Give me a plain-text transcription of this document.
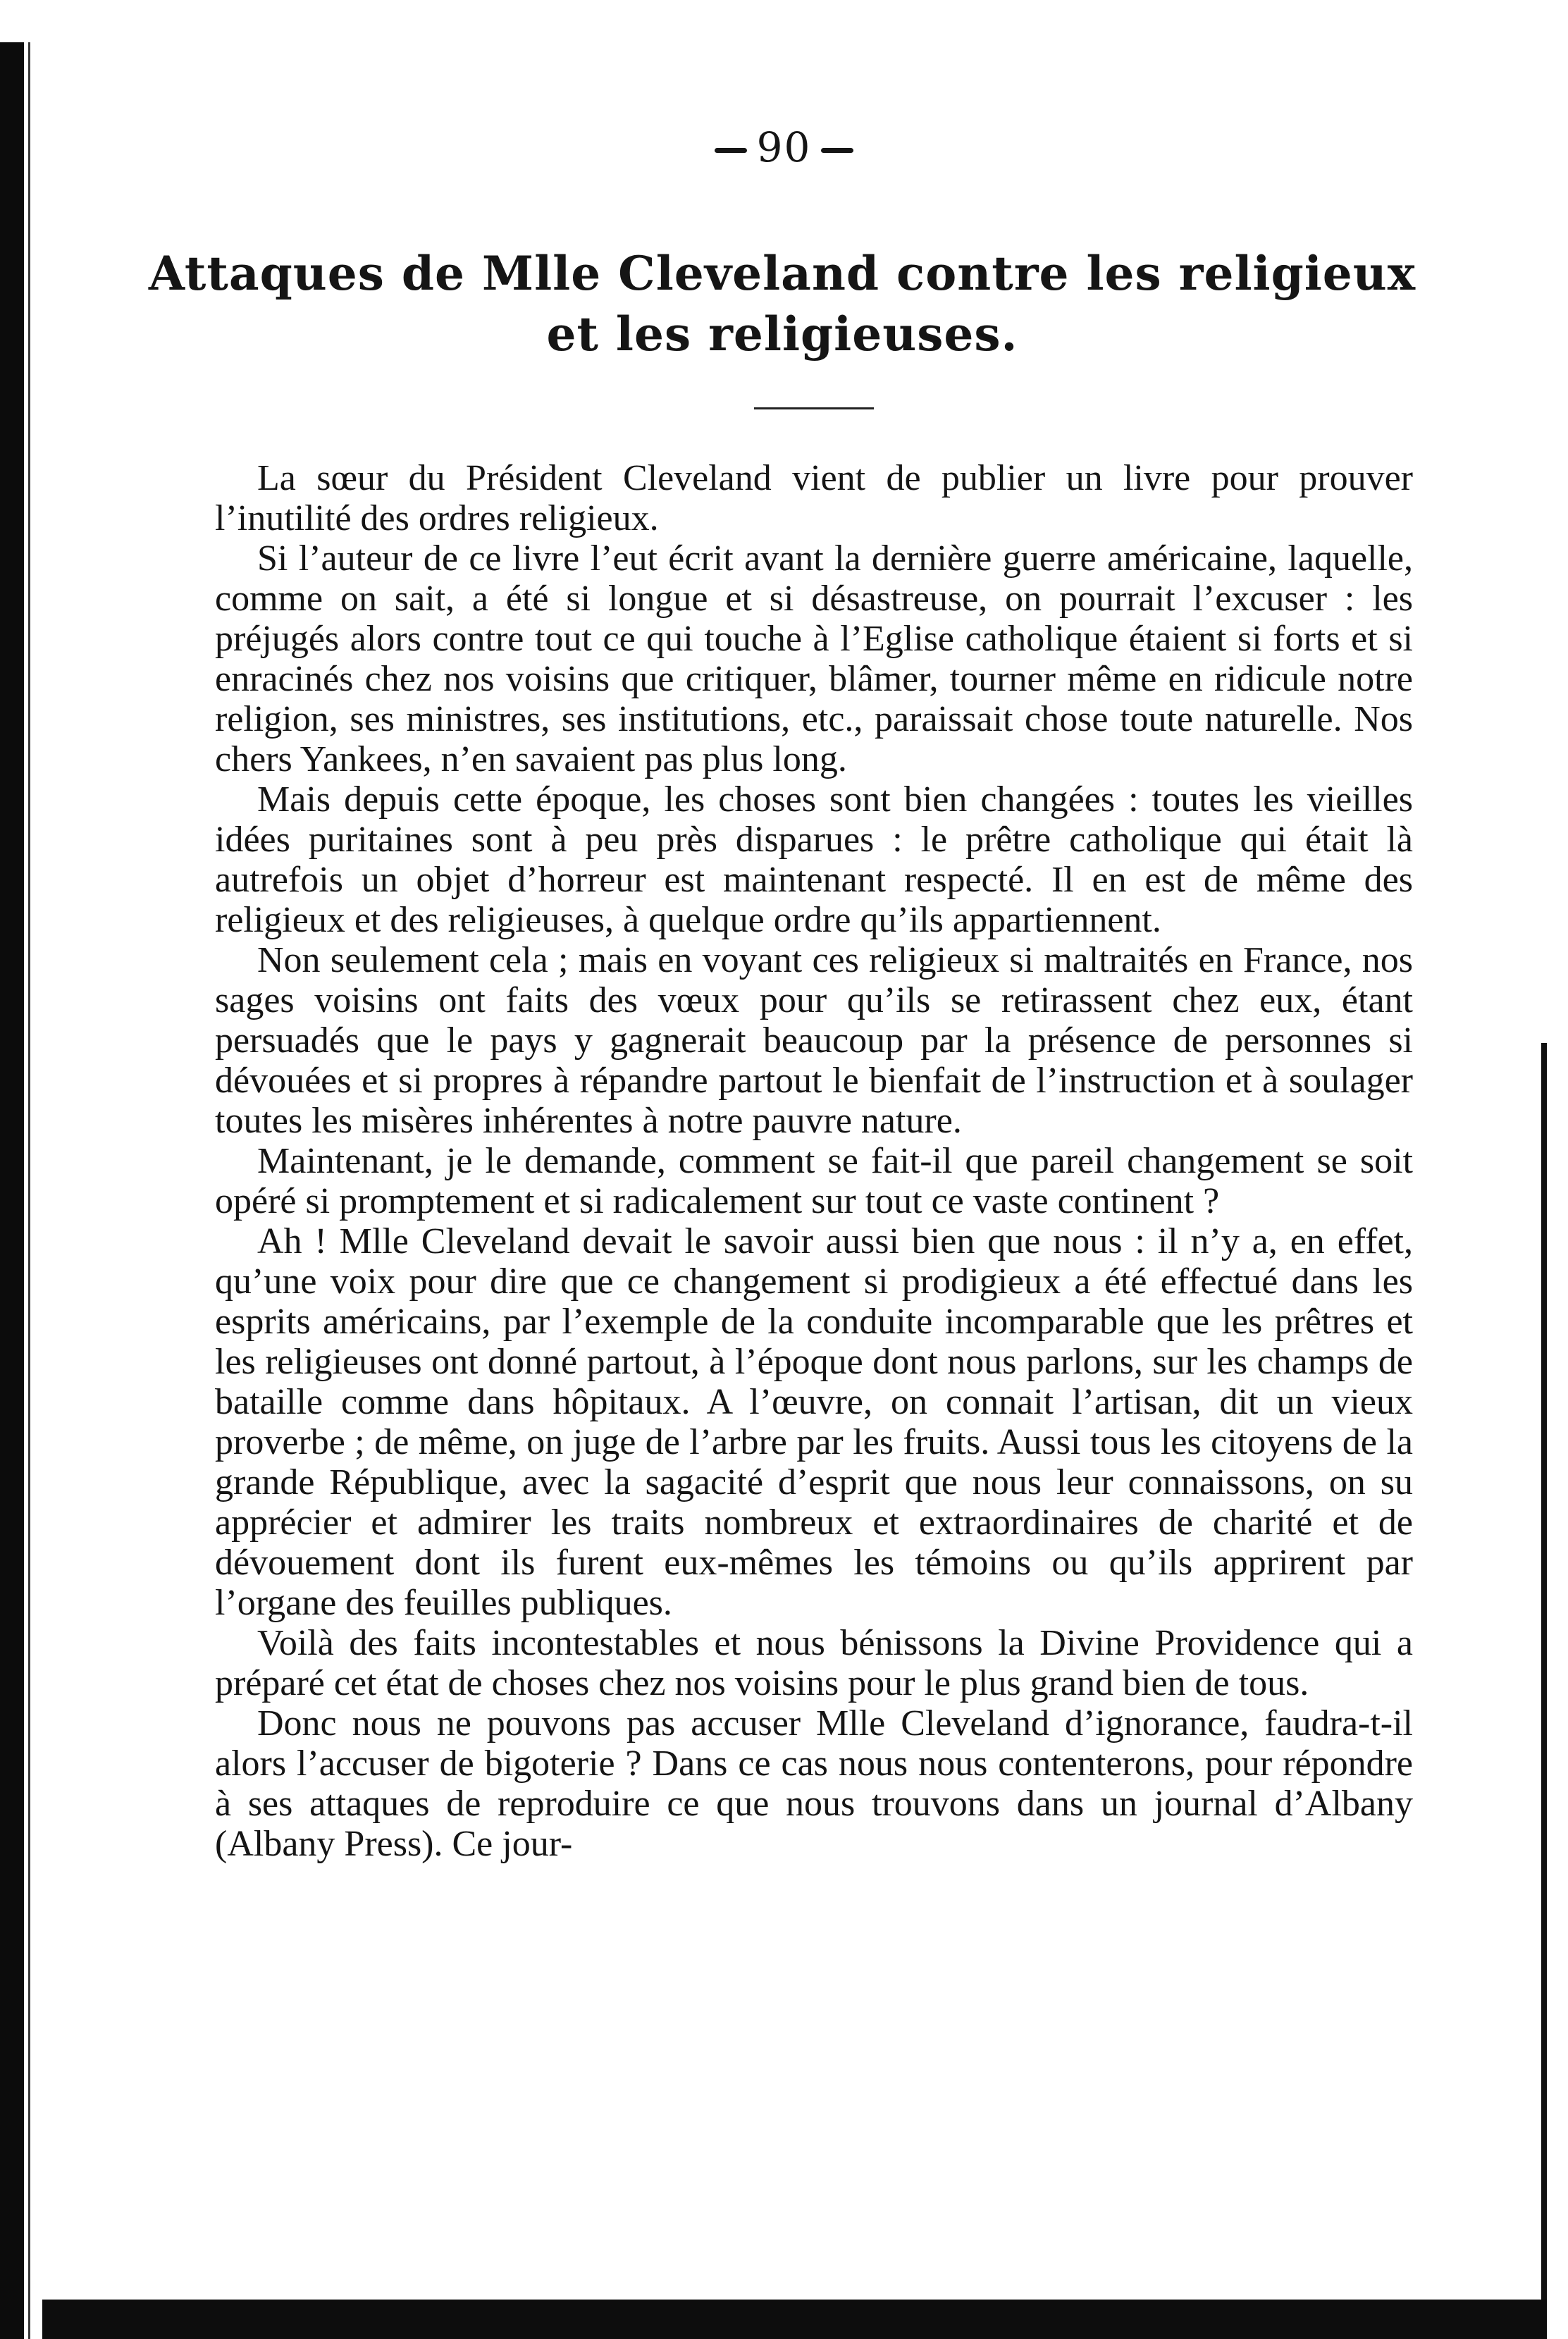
90
Attaques de Mlle Cleveland contre les religieux
et les religieuses.

La sœur du Président Cleveland vient de publier un livre pour prouver l’inutilité des ordres religieux.

Si l’auteur de ce livre l’eut écrit avant la dernière guerre américaine, laquelle, comme on sait, a été si longue et si désastreuse, on pourrait l’excuser : les préjugés alors contre tout ce qui touche à l’Eglise catholique étaient si forts et si enracinés chez nos voisins que critiquer, blâmer, tourner même en ridicule notre religion, ses ministres, ses institutions, etc., paraissait chose toute naturelle. Nos chers Yankees, n’en savaient pas plus long.

Mais depuis cette époque, les choses sont bien changées : toutes les vieilles idées puritaines sont à peu près disparues : le prêtre catholique qui était là autrefois un objet d’horreur est maintenant respecté. Il en est de même des religieux et des religieuses, à quelque ordre qu’ils appartiennent.

Non seulement cela ; mais en voyant ces religieux si maltraités en France, nos sages voisins ont faits des vœux pour qu’ils se retirassent chez eux, étant persuadés que le pays y gagnerait beaucoup par la présence de personnes si dévouées et si propres à répandre partout le bienfait de l’instruction et à soulager toutes les misères inhérentes à notre pauvre nature.

Maintenant, je le demande, comment se fait-il que pareil changement se soit opéré si promptement et si radicalement sur tout ce vaste continent ?

Ah ! Mlle Cleveland devait le savoir aussi bien que nous : il n’y a, en effet, qu’une voix pour dire que ce changement si prodigieux a été effectué dans les esprits américains, par l’exemple de la conduite incomparable que les prêtres et les religieuses ont donné partout, à l’époque dont nous parlons, sur les champs de bataille comme dans hôpitaux. A l’œuvre, on connait l’artisan, dit un vieux proverbe ; de même, on juge de l’arbre par les fruits. Aussi tous les citoyens de la grande République, avec la sagacité d’esprit que nous leur connaissons, on su apprécier et admirer les traits nombreux et extraordinaires de charité et de dévouement dont ils furent eux-mêmes les témoins ou qu’ils apprirent par l’organe des feuilles publiques.

Voilà des faits incontestables et nous bénissons la Divine Providence qui a préparé cet état de choses chez nos voisins pour le plus grand bien de tous.

Donc nous ne pouvons pas accuser Mlle Cleveland d’ignorance, faudra-t-il alors l’accuser de bigoterie ? Dans ce cas nous nous contenterons, pour répondre à ses attaques de reproduire ce que nous trouvons dans un journal d’Albany (Albany Press). Ce jour-
